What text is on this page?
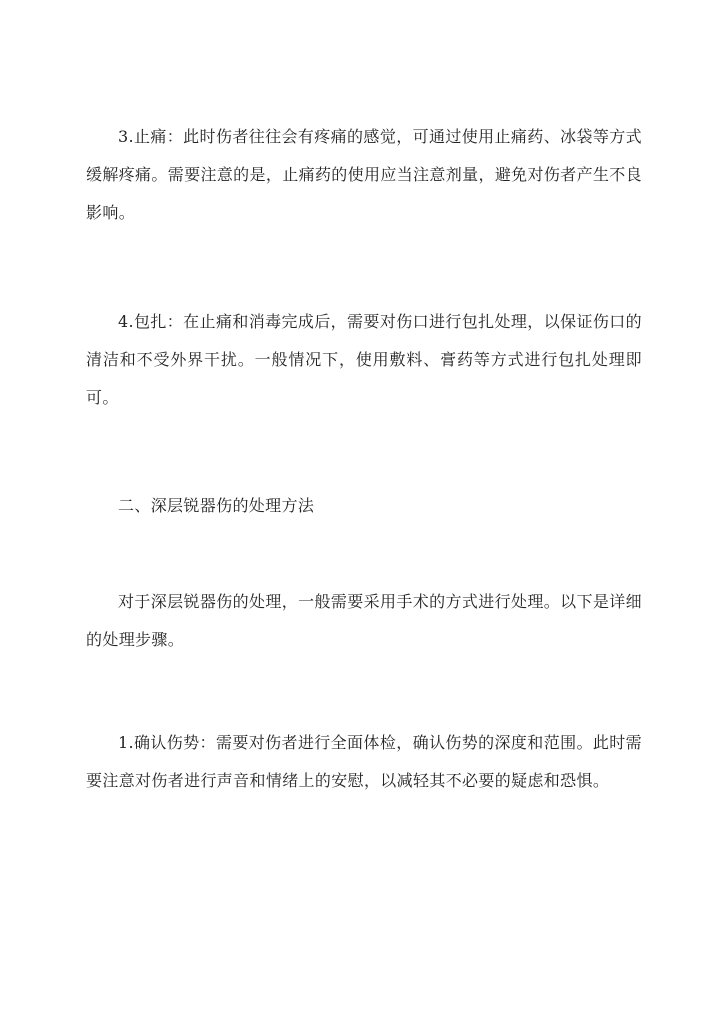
3.止痛：此时伤者往往会有疼痛的感觉，可通过使用止痛药、冰袋等方式缓解疼痛。需要注意的是，止痛药的使用应当注意剂量，避免对伤者产生不良影响。

4.包扎：在止痛和消毒完成后，需要对伤口进行包扎处理，以保证伤口的清洁和不受外界干扰。一般情况下，使用敷料、膏药等方式进行包扎处理即可。

二、深层锐器伤的处理方法

对于深层锐器伤的处理，一般需要采用手术的方式进行处理。以下是详细的处理步骤。

1.确认伤势：需要对伤者进行全面体检，确认伤势的深度和范围。此时需要注意对伤者进行声音和情绪上的安慰，以减轻其不必要的疑虑和恐惧。
